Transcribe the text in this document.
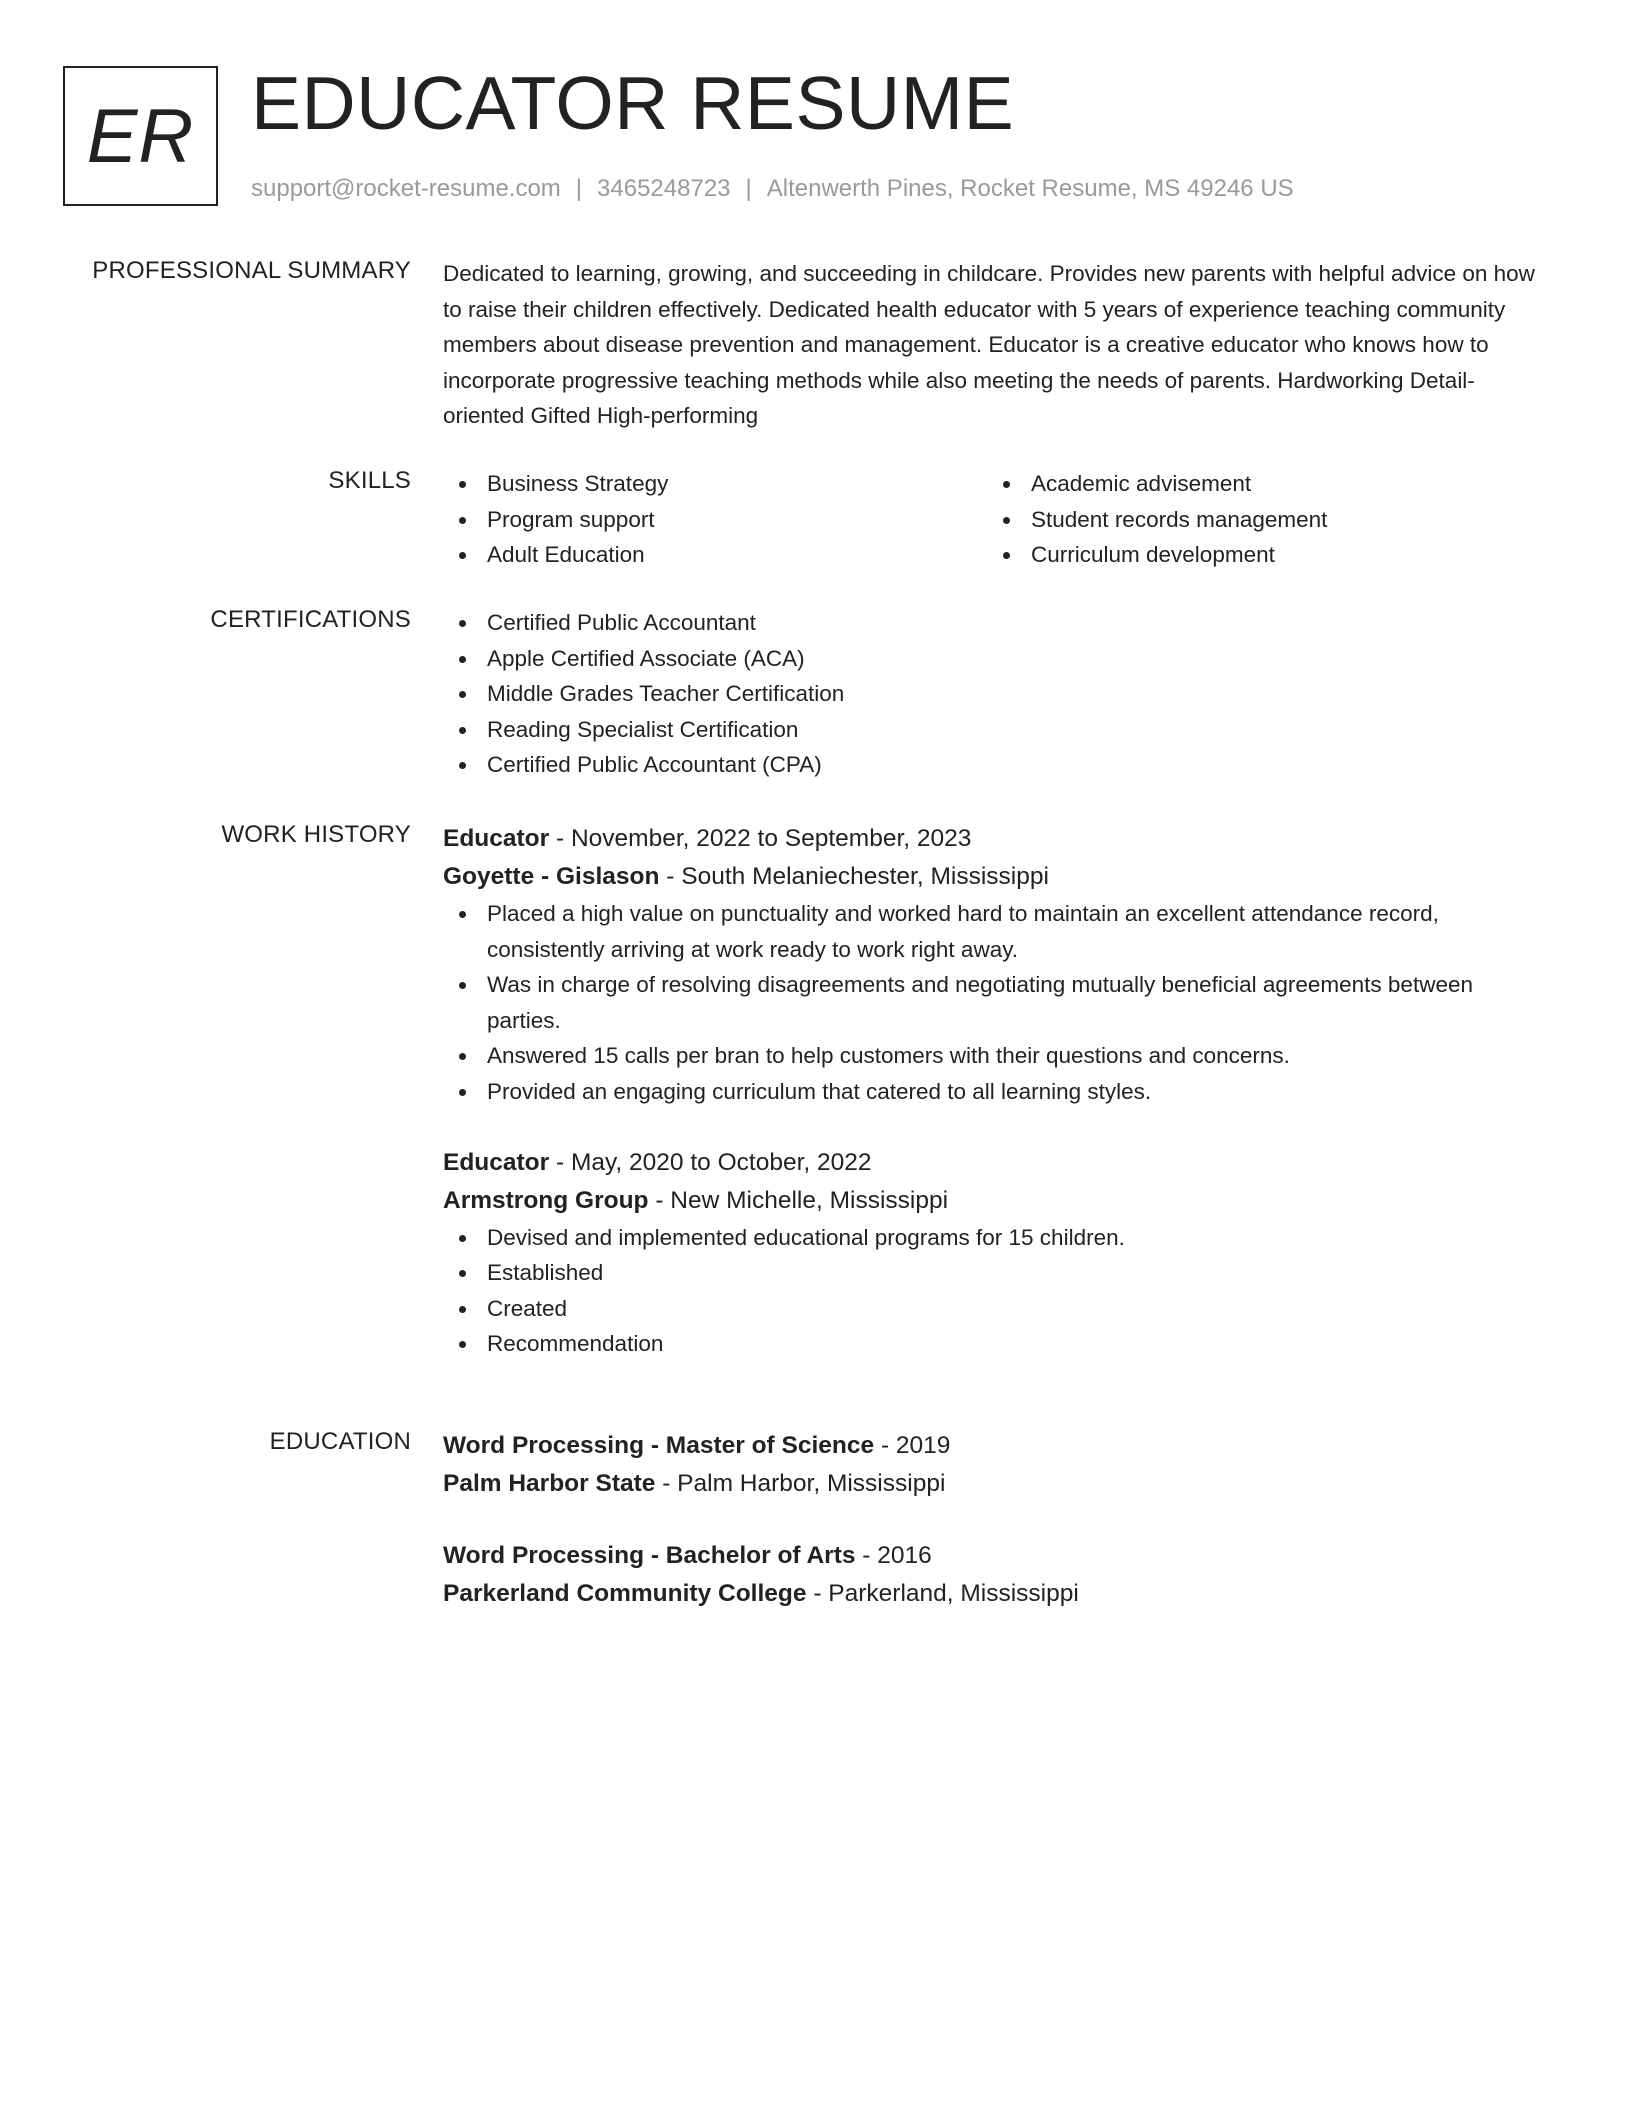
ER EDUCATOR RESUME
support@rocket-resume.com | 3465248723 | Altenwerth Pines, Rocket Resume, MS 49246 US
PROFESSIONAL SUMMARY Dedicated to learning, growing, and succeeding in childcare. Provides new parents with helpful advice on how to raise their children effectively. Dedicated health educator with 5 years of experience teaching community members about disease prevention and management. Educator is a creative educator who knows how to incorporate progressive teaching methods while also meeting the needs of parents. Hardworking Detail-oriented Gifted High-performing

SKILLS	Business Strategy
Program support
Adult Education
Academic advisement
Student records management
Curriculum development
CERTIFICATIONS	Certified Public Accountant
Apple Certified Associate (ACA)
Middle Grades Teacher Certification
Reading Specialist Certification
Certified Public Accountant (CPA)
WORK HISTORY Educator - November, 2022 to September, 2023
Goyette - Gislason - South Melaniechester, Mississippi
Placed a high value on punctuality and worked hard to maintain an excellent attendance record, consistently arriving at work ready to work right away.
Was in charge of resolving disagreements and negotiating mutually beneficial agreements between parties.
Answered 15 calls per bran to help customers with their questions and concerns.
Provided an engaging curriculum that catered to all learning styles.
Educator - May, 2020 to October, 2022
Armstrong Group - New Michelle, Mississippi
Devised and implemented educational programs for 15 children.
Established
Created
Recommendation
EDUCATION Word Processing - Master of Science - 2019
Palm Harbor State - Palm Harbor, Mississippi
Word Processing - Bachelor of Arts - 2016
Parkerland Community College - Parkerland, Mississippi
